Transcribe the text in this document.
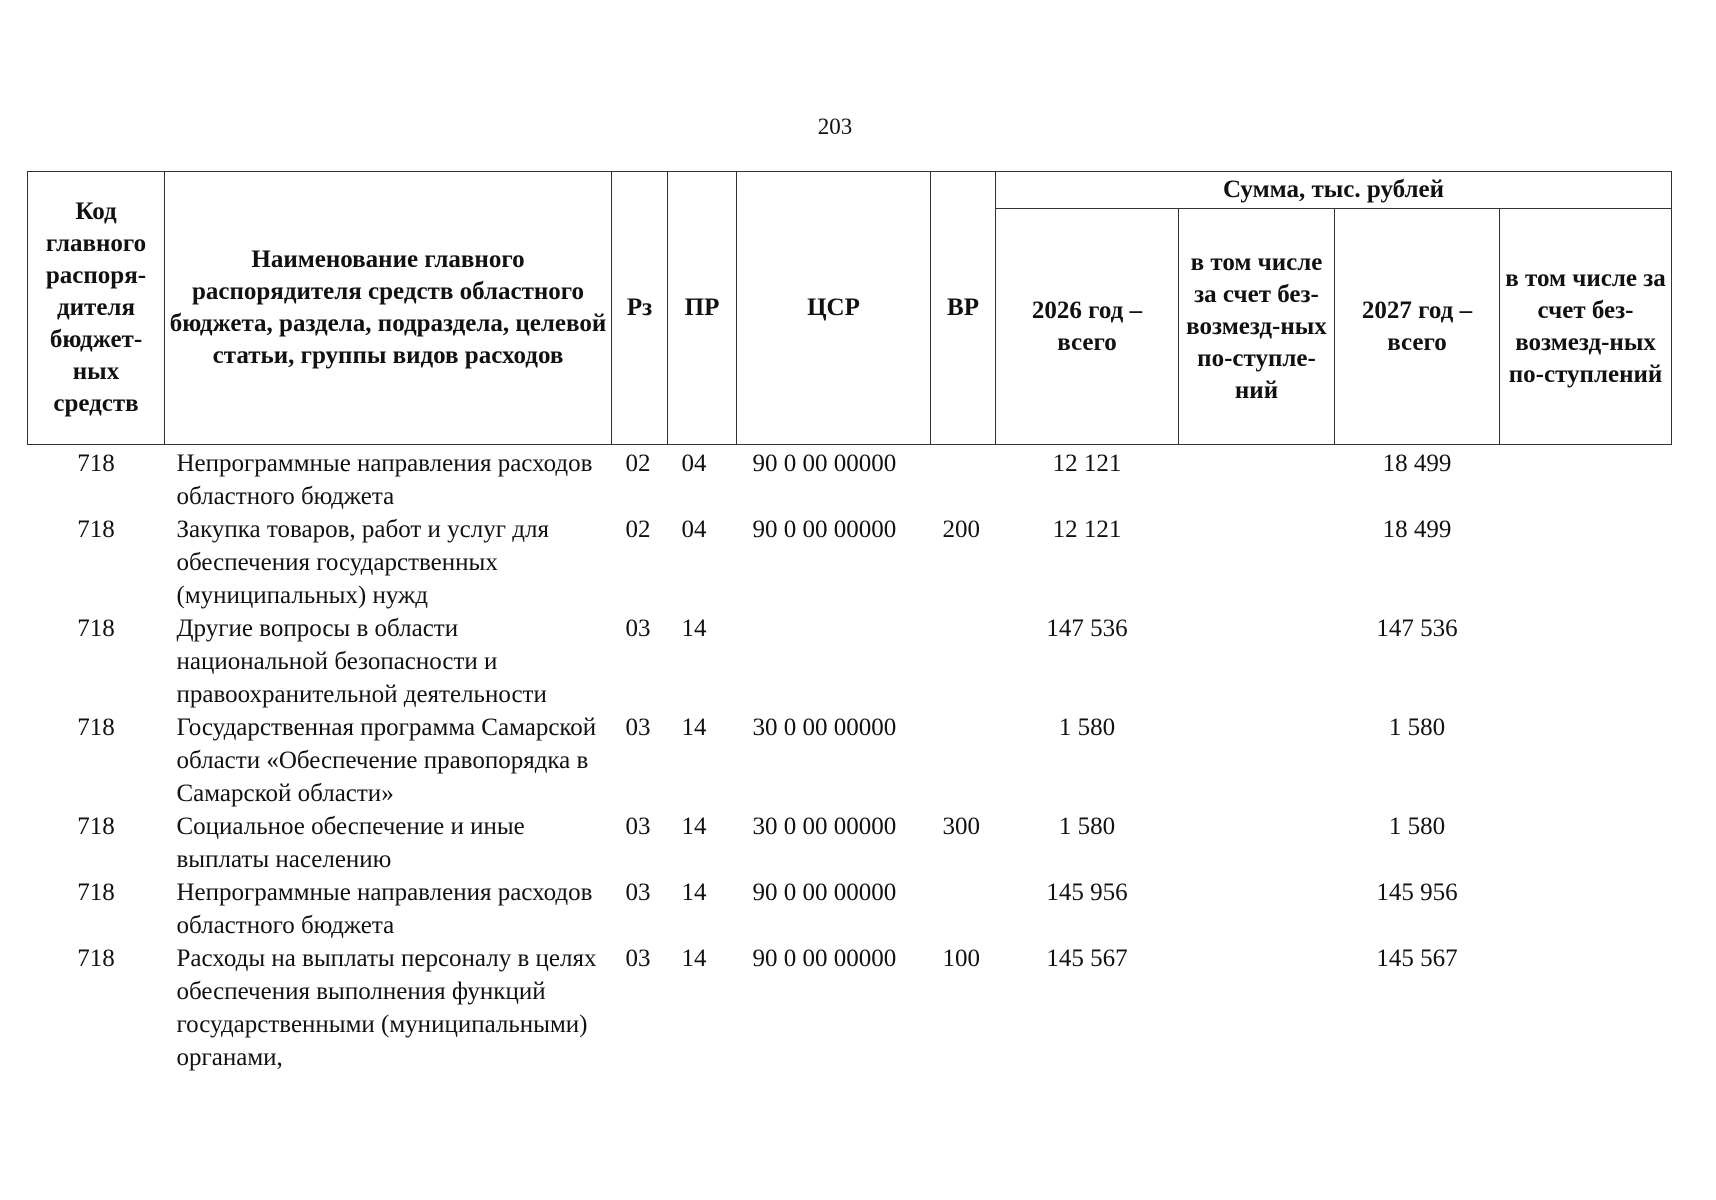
203
Код главного распоря-дителя бюджет-ных средств	Наименование главного распорядителя средств областного бюджета, раздела, подраздела, целевой статьи, группы видов расходов	Рз	ПР	ЦСР	ВР	Сумма, тыс. рублей			
						2026 год – всего	в том числе за счет без-возмезд-ных по-ступле-ний	2027 год – всего	в том числе за счет без-возмезд-ных по-ступлений
718	Непрограммные направления расходов областного бюджета	02	04	90 0 00 00000		12 121		18 499	
718	Закупка товаров, работ и услуг для обеспечения государственных (муниципальных) нужд	02	04	90 0 00 00000	200	12 121		18 499	
718	Другие вопросы в области национальной безопасности и правоохранительной деятельности	03	14			147 536		147 536	
718	Государственная программа Самарской области «Обеспечение правопорядка в Самарской области»	03	14	30 0 00 00000		1 580		1 580	
718	Социальное обеспечение и иные выплаты населению	03	14	30 0 00 00000	300	1 580		1 580	
718	Непрограммные направления расходов областного бюджета	03	14	90 0 00 00000		145 956		145 956	
718	Расходы на выплаты персоналу в целях обеспечения выполнения функций государственными (муниципальными) органами,	03	14	90 0 00 00000	100	145 567		145 567	
